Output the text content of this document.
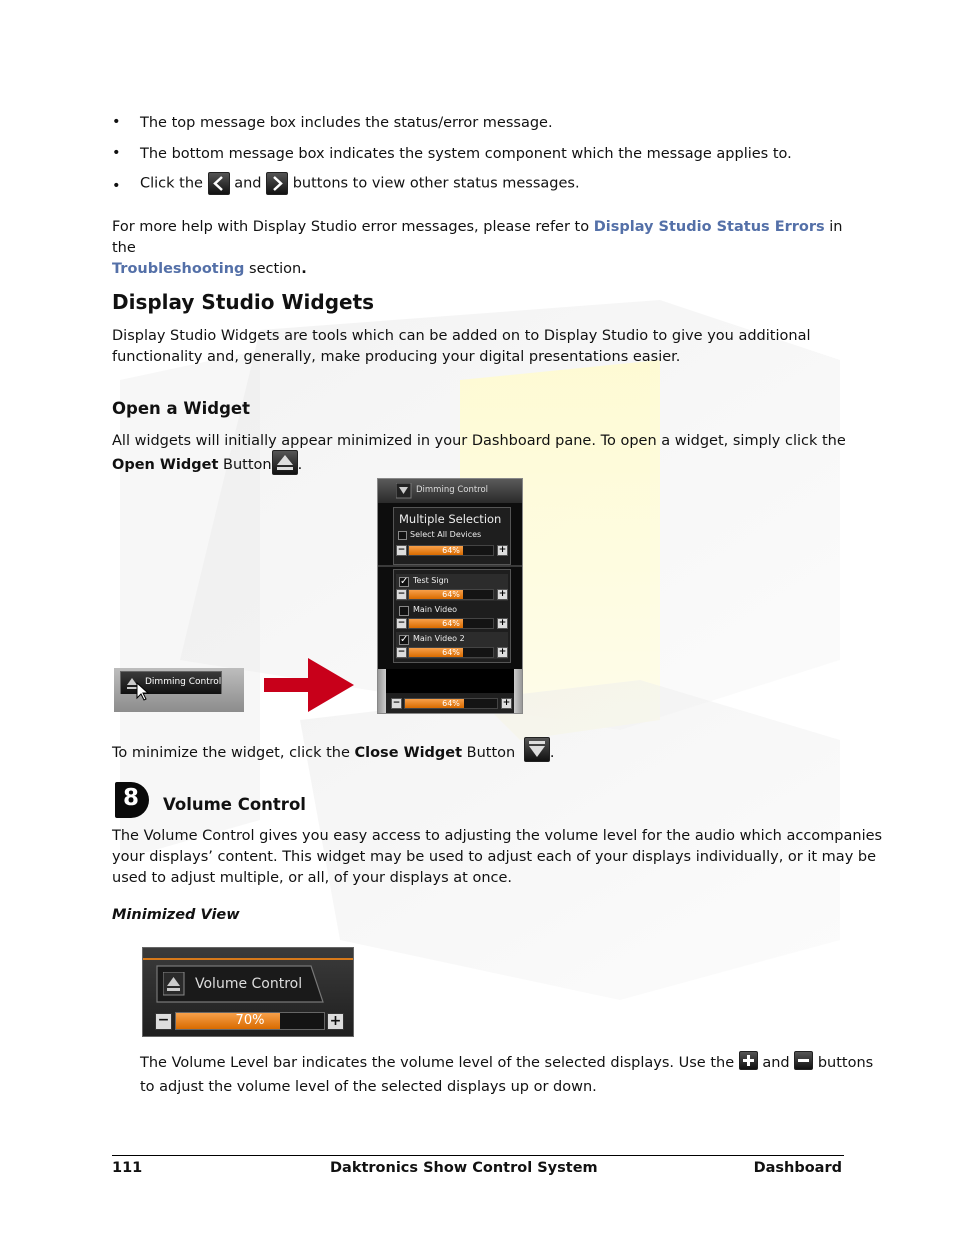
• The top message box includes the status/error message.
• The bottom message box indicates the system component which the message applies to.
• Click the and buttons to view other status messages.
For more help with Display Studio error messages, please refer to Display Studio Status Errors in the
Troubleshooting section.
Display Studio Widgets
Display Studio Widgets are tools which can be added on to Display Studio to give you additional
functionality and, generally, make producing your digital presentations easier.
Open a Widget
All widgets will initially appear minimized in your Dashboard pane. To open a widget, simply click the
Open Widget Button .
Dimming Control
Dimming Control
Multiple Selection
Select All Devices
−	64%	+
✓ Test Sign
−	64%	+
Main Video
−	64%	+
✓ Main Video 2
−	64%	+
−	64%	+
To minimize the widget, click the Close Widget Button .
8 Volume Control
The Volume Control gives you easy access to adjusting the volume level for the audio which accompanies
your displays’ content. This widget may be used to adjust each of your displays individually, or it may be
used to adjust multiple, or all, of your displays at once.
Minimized View
Volume Control
−	70%	+
The Volume Level bar indicates the volume level of the selected displays. Use the and buttons
to adjust the volume level of the selected displays up or down.
111	Daktronics Show Control System	Dashboard
